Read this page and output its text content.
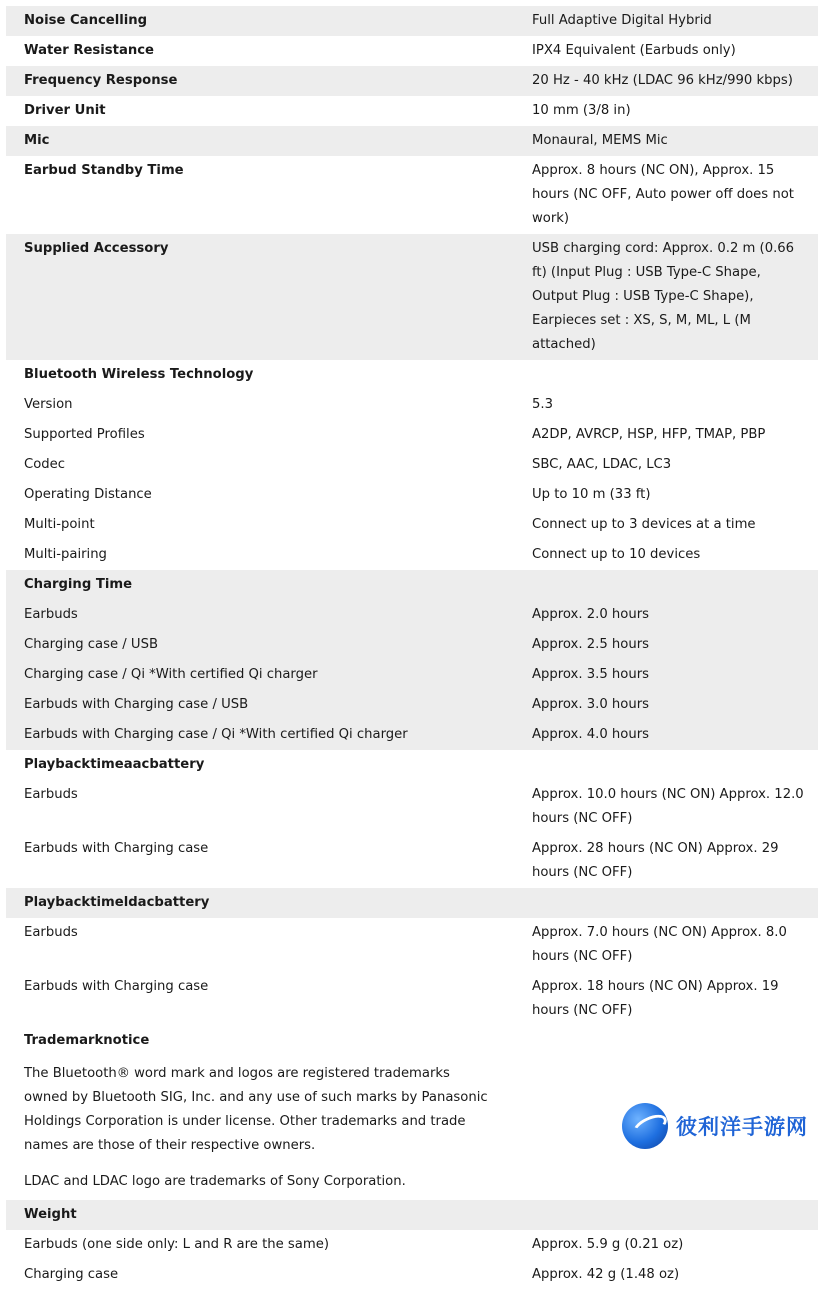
Noise Cancelling	Full Adaptive Digital Hybrid
Water Resistance	IPX4 Equivalent (Earbuds only)
Frequency Response	20 Hz - 40 kHz (LDAC 96 kHz/990 kbps)
Driver Unit	10 mm (3/8 in)
Mic	Monaural, MEMS Mic
Earbud Standby Time	Approx. 8 hours (NC ON), Approx. 15 hours (NC OFF, Auto power off does not work)
Supplied Accessory	USB charging cord: Approx. 0.2 m (0.66 ft) (Input Plug : USB Type-C Shape, Output Plug : USB Type-C Shape), Earpieces set : XS, S, M, ML, L (M attached)
Bluetooth Wireless Technology
Version	5.3
Supported Profiles	A2DP, AVRCP, HSP, HFP, TMAP, PBP
Codec	SBC, AAC, LDAC, LC3
Operating Distance	Up to 10 m (33 ft)
Multi-point	Connect up to 3 devices at a time
Multi-pairing	Connect up to 10 devices
Charging Time
Earbuds	Approx. 2.0 hours
Charging case / USB	Approx. 2.5 hours
Charging case / Qi *With certified Qi charger	Approx. 3.5 hours
Earbuds with Charging case / USB	Approx. 3.0 hours
Earbuds with Charging case / Qi *With certified Qi charger	Approx. 4.0 hours
Playbacktimeaacbattery
Earbuds	Approx. 10.0 hours (NC ON) Approx. 12.0 hours (NC OFF)
Earbuds with Charging case	Approx. 28 hours (NC ON) Approx. 29 hours (NC OFF)
Playbacktimeldacbattery
Earbuds	Approx. 7.0 hours (NC ON) Approx. 8.0 hours (NC OFF)
Earbuds with Charging case	Approx. 18 hours (NC ON) Approx. 19 hours (NC OFF)
Trademarknotice
The Bluetooth® word mark and logos are registered trademarks owned by Bluetooth SIG, Inc. and any use of such marks by Panasonic Holdings Corporation is under license. Other trademarks and trade names are those of their respective owners.
LDAC and LDAC logo are trademarks of Sony Corporation.
Weight
Earbuds (one side only: L and R are the same)	Approx. 5.9 g (0.21 oz)
Charging case	Approx. 42 g (1.48 oz)
彼利洋手游网
